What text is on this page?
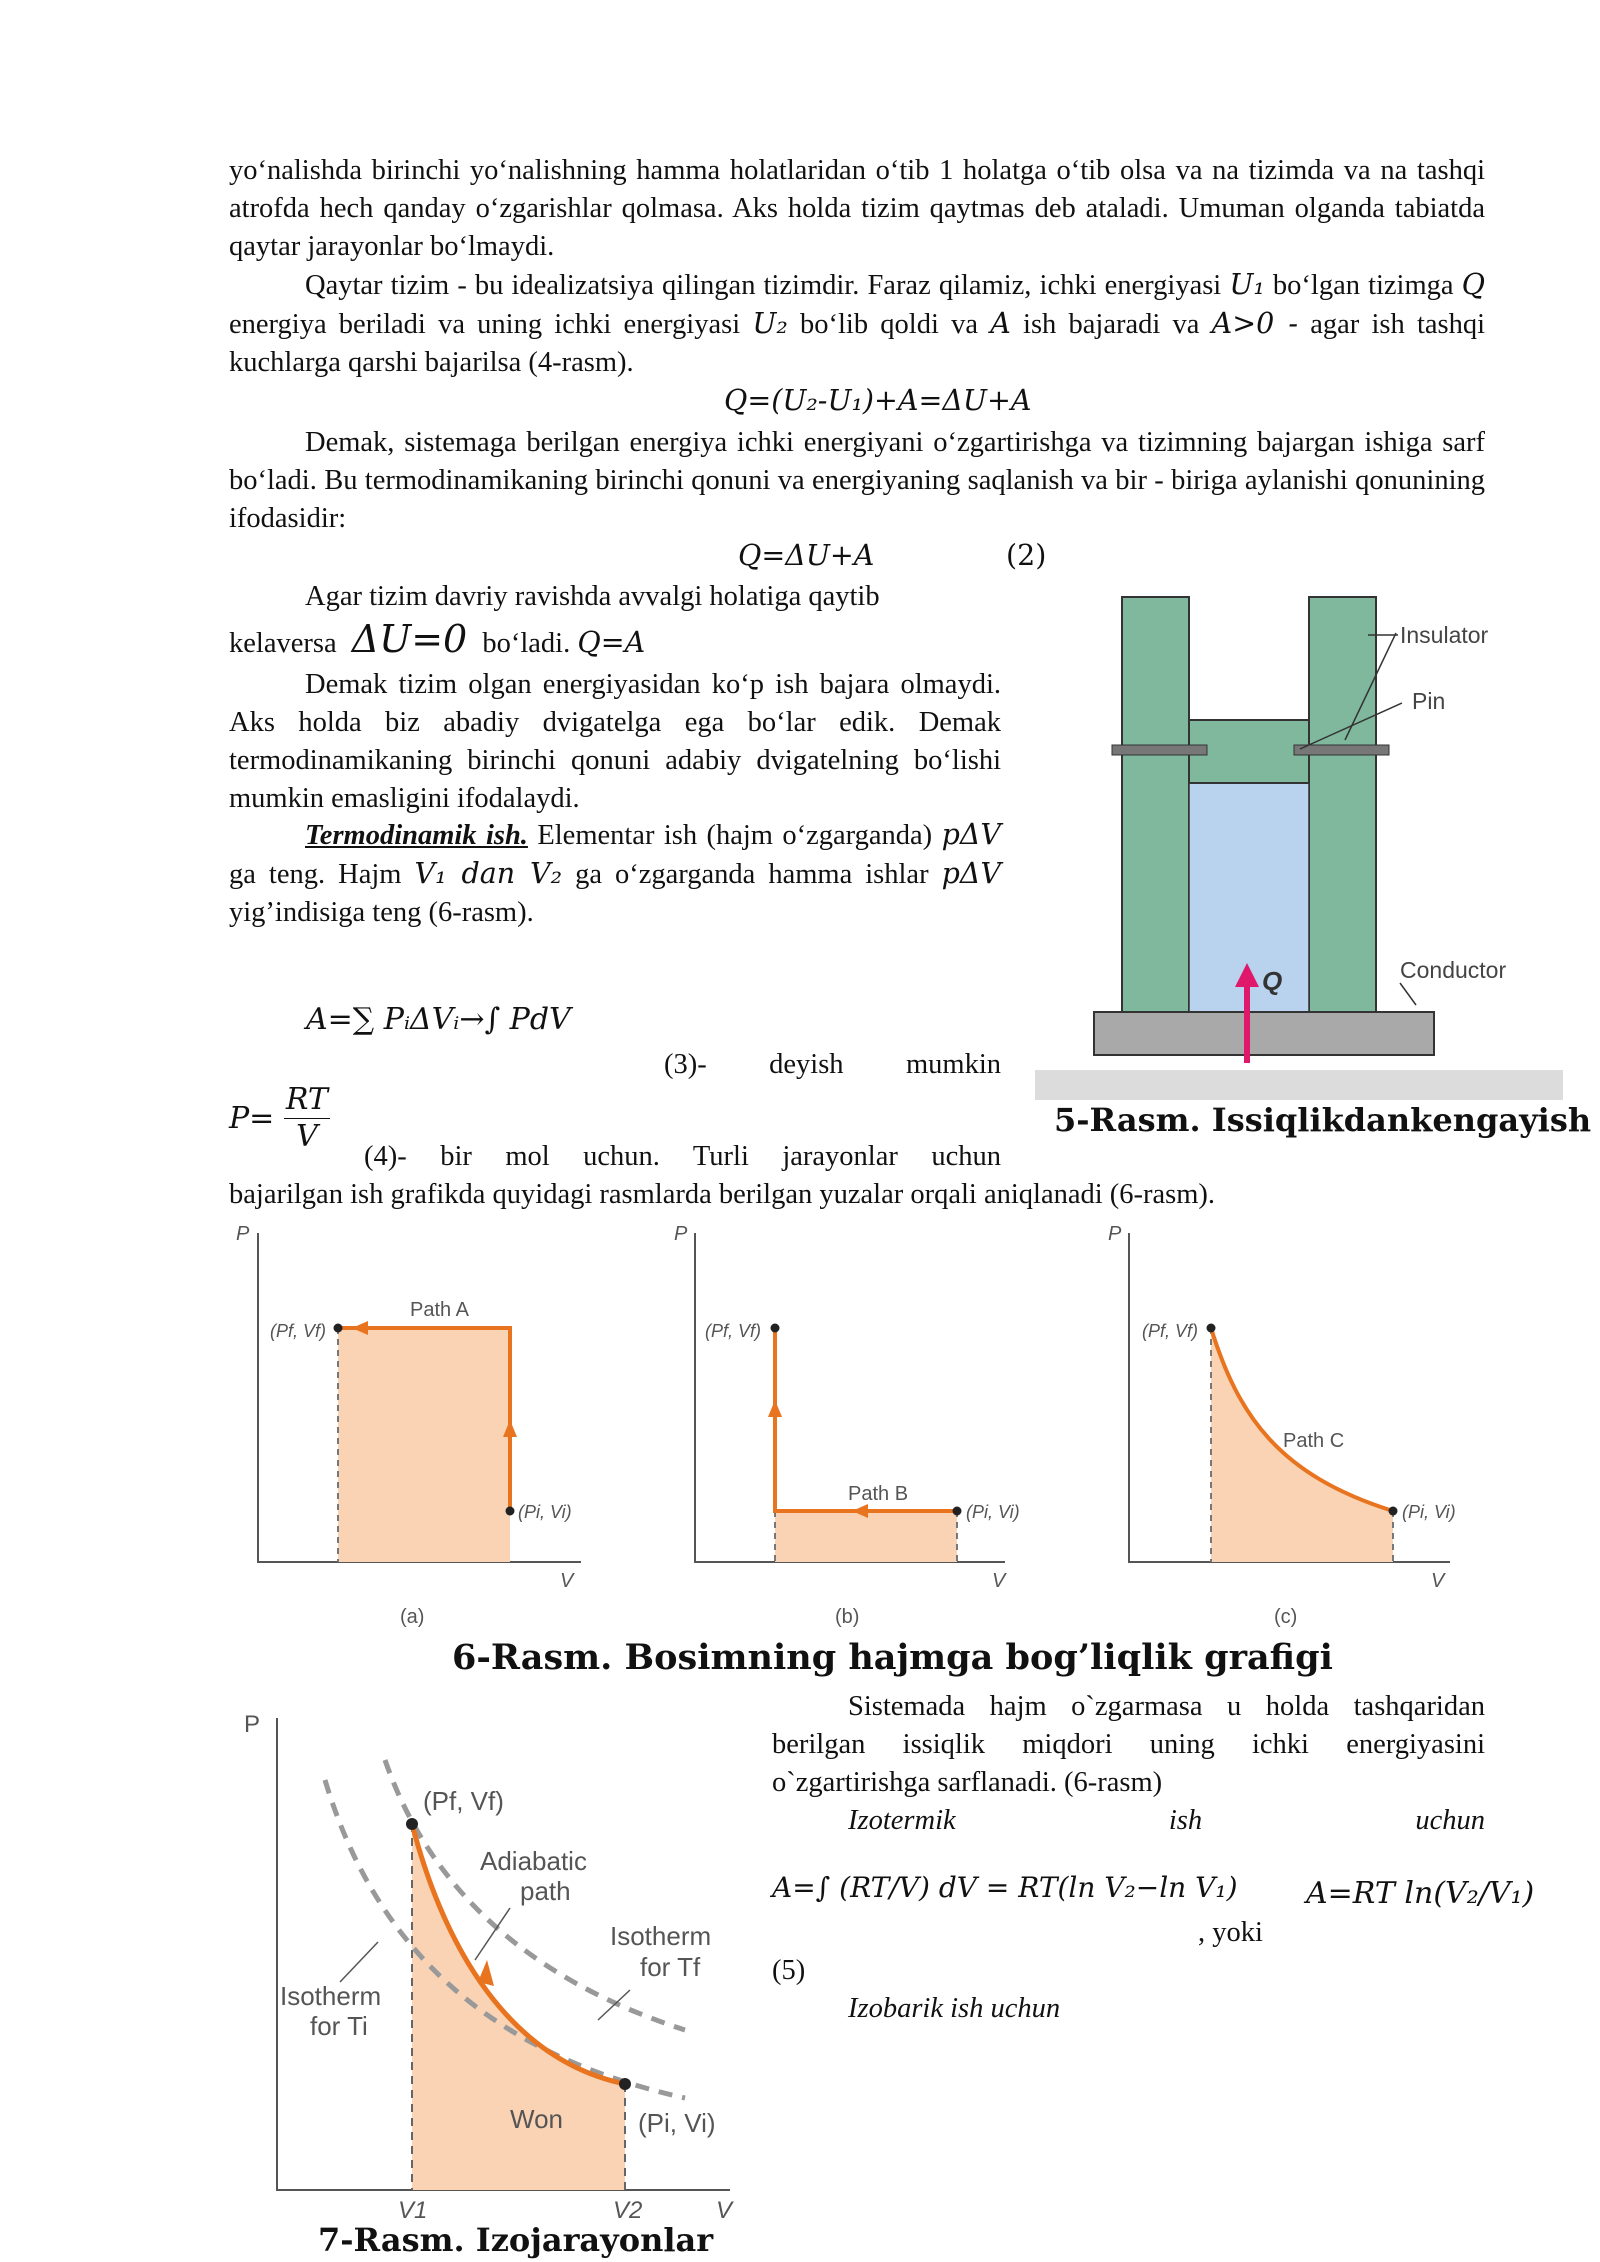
yo‘nalishda birinchi yo‘nalishning hamma holatlaridan o‘tib 1 holatga o‘tib olsa va na tizimda va na tashqi atrofda hech qanday o‘zgarishlar qolmasa. Aks holda tizim qaytmas deb ataladi. Umuman olganda tabiatda qaytar jarayonlar bo‘lmaydi.

Qaytar tizim - bu idealizatsiya qilingan tizimdir. Faraz qilamiz, ichki energiyasi U₁ bo‘lgan tizimga Q energiya beriladi va uning ichki energiyasi U₂ bo‘lib qoldi va A ish bajaradi va A>0 - agar ish tashqi kuchlarga qarshi bajarilsa (4-rasm).

Q=(U₂-U₁)+A=ΔU+A

Demak, sistemaga berilgan energiya ichki energiyani o‘zgartirishga va tizimning bajargan ishiga sarf bo‘ladi. Bu termodinamikaning birinchi qonuni va energiyaning saqlanish va bir - biriga aylanishi qonunining ifodasidir:

Q=ΔU+A	(2)

Agar tizim davriy ravishda avvalgi holatiga qaytib

kelaversa ΔU=0 bo‘ladi. Q=A

Demak tizim olgan energiyasidan ko‘p ish bajara olmaydi. Aks holda biz abadiy dvigatelga ega bo‘lar edik. Demak termodinamikaning birinchi qonuni adabiy dvigatelning bo‘lishi mumkin emasligini ifodalaydi.

Termodinamik ish. Elementar ish (hajm o‘zgarganda) pΔV ga teng. Hajm V₁ dan V₂ ga o‘zgarganda hamma ishlar pΔV yig’indisiga teng (6-rasm).

A=∑ PᵢΔVᵢ→∫ PdV
(3)- deyish mumkin
$P= \frac{RT}{V}$
(4)- bir mol uchun. Turli jarayonlar uchun
bajarilgan ish grafikda quyidagi rasmlarda berilgan yuzalar orqali aniqlanadi (6-rasm).
Q
Insulator
Pin
Conductor
5-Rasm. Issiqlikdankengayish
P
V
Path A
(Pf, Vf)
(Pi, Vi)
(a)
P
V
Path B
(Pf, Vf)
(Pi, Vi)
(b)
P
V
Path C
(Pf, Vf)
(Pi, Vi)
(c)
6-Rasm. Bosimning hajmga bog’liqlik grafigi
P
V
(Pf, Vf)
(Pi, Vi)
Adiabatic
path
Isotherm
for Tf
Isotherm
for Ti
Won
V1	V2
7-Rasm. Izojarayonlar

Sistemada hajm o`zgarmasa u holda tashqaridan berilgan issiqlik miqdori uning ichki energiyasini o`zgartirishga sarflanadi. (6-rasm)

Izotermik	ish	uchun
A=∫ (RT/V) dV = RT(ln V₂−ln V₁) A=RT ln(V₂/V₁)
, yoki
(5)
Izobarik ish uchun
